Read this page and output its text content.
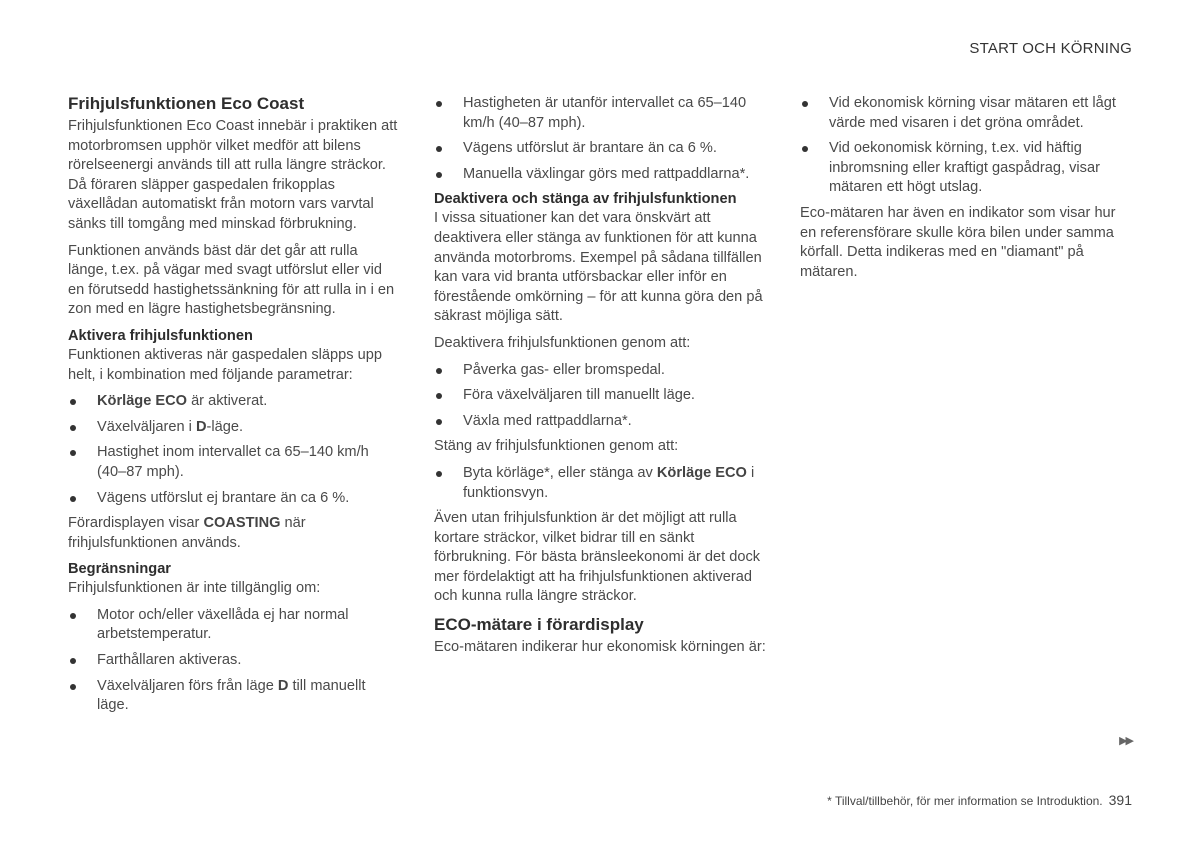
START OCH KÖRNING
Frihjulsfunktionen Eco Coast

Frihjulsfunktionen Eco Coast innebär i praktiken att motorbromsen upphör vilket medför att bilens rörelseenergi används till att rulla längre sträckor. Då föraren släpper gaspedalen frikopplas växellådan automatiskt från motorn vars varvtal sänks till tomgång med minskad förbrukning.

Funktionen används bäst där det går att rulla länge, t.ex. på vägar med svagt utförslut eller vid en förutsedd hastighetssänkning för att rulla in i en zon med en lägre hastighetsbegränsning.

Aktivera frihjulsfunktionen

Funktionen aktiveras när gaspedalen släpps upp helt, i kombination med följande parametrar:

Körläge ECO är aktiverat.
Växelväljaren i D-läge.
Hastighet inom intervallet ca 65–140 km/h (40–87 mph).
Vägens utförslut ej brantare än ca 6 %.

Förardisplayen visar COASTING när frihjulsfunktionen används.

Begränsningar

Frihjulsfunktionen är inte tillgänglig om:

Motor och/eller växellåda ej har normal arbetstemperatur.
Farthållaren aktiveras.
Växelväljaren förs från läge D till manuellt läge.
Hastigheten är utanför intervallet ca 65–140 km/h (40–87 mph).
Vägens utförslut är brantare än ca 6 %.
Manuella växlingar görs med rattpaddlarna*.
Deaktivera och stänga av frihjulsfunktionen

I vissa situationer kan det vara önskvärt att deaktivera eller stänga av funktionen för att kunna använda motorbroms. Exempel på sådana tillfällen kan vara vid branta utförsbackar eller inför en förestående omkörning – för att kunna göra den på säkrast möjliga sätt.

Deaktivera frihjulsfunktionen genom att:

Påverka gas- eller bromspedal.
Föra växelväljaren till manuellt läge.
Växla med rattpaddlarna*.

Stäng av frihjulsfunktionen genom att:

Byta körläge*, eller stänga av Körläge ECO i funktionsvyn.

Även utan frihjulsfunktion är det möjligt att rulla kortare sträckor, vilket bidrar till en sänkt förbrukning. För bästa bränsleekonomi är det dock mer fördelaktigt att ha frihjulsfunktionen aktiverad och kunna rulla längre sträckor.

ECO-mätare i förardisplay

Eco-mätaren indikerar hur ekonomisk körningen är:

Vid ekonomisk körning visar mätaren ett lågt värde med visaren i det gröna området.
Vid oekonomisk körning, t.ex. vid häftig inbromsning eller kraftigt gaspådrag, visar mätaren ett högt utslag.

Eco-mätaren har även en indikator som visar hur en referensförare skulle köra bilen under samma körfall. Detta indikeras med en "diamant" på mätaren.

▶▶
* Tillval/tillbehör, för mer information se Introduktion. 391
